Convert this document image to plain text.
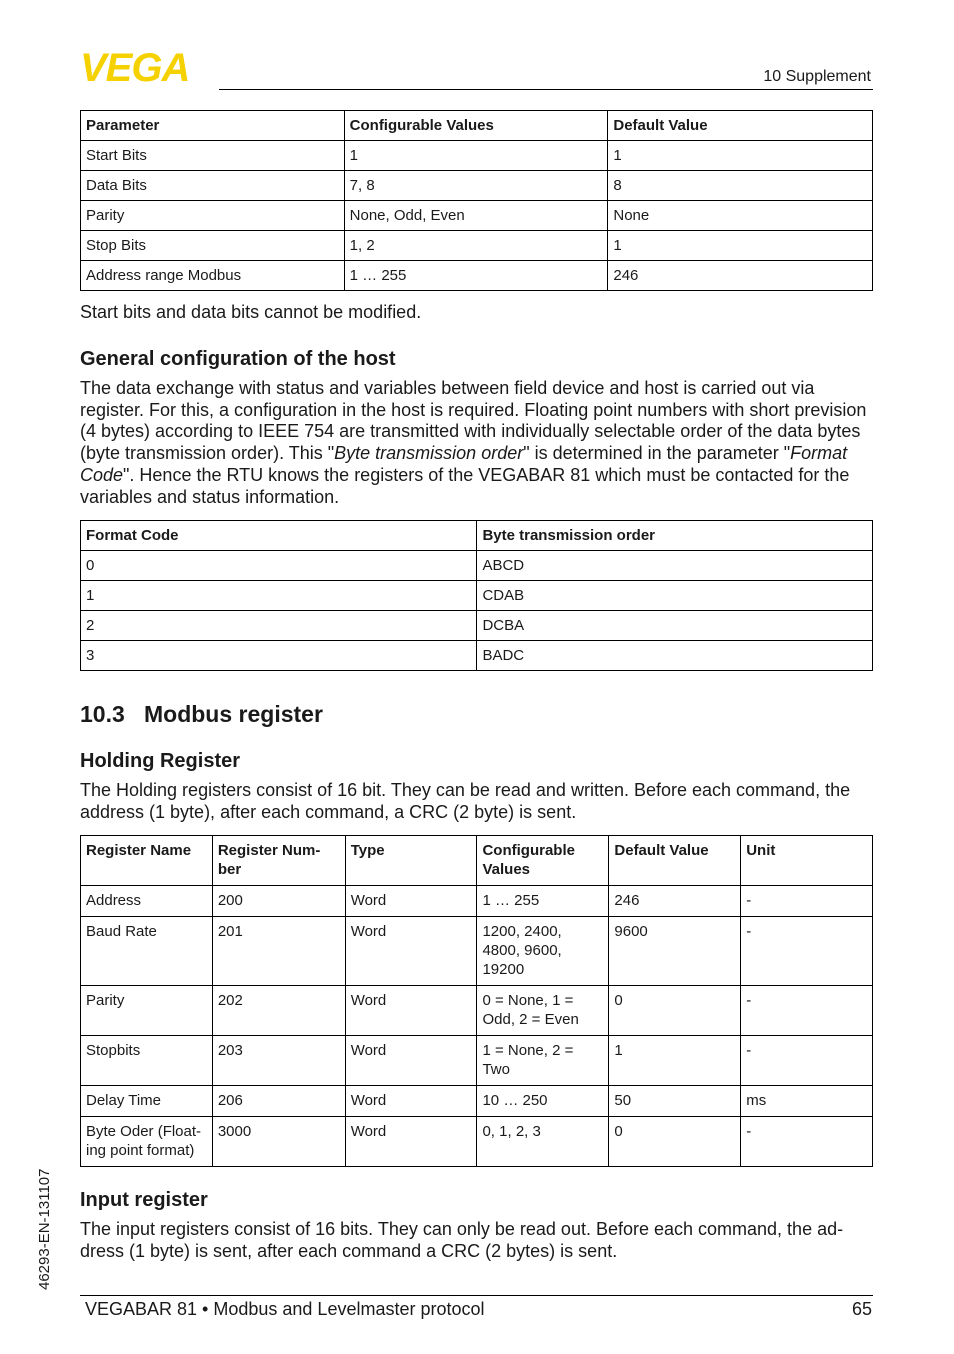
VEGA	10 Supplement
Parameter	Configurable Values	Default Value
Start Bits	1	1
Data Bits	7, 8	8
Parity	None, Odd, Even	None
Stop Bits	1, 2	1
Address range Modbus	1 … 255	246

Start bits and data bits cannot be modified.

General configuration of the host

The data exchange with status and variables between field device and host is carried out via register. For this, a configuration in the host is required. Floating point numbers with short prevision (4 bytes) according to IEEE 754 are transmitted with individually selectable order of the data bytes (byte transmission order). This "Byte transmission order" is determined in the parameter "Format Code". Hence the RTU knows the registers of the VEGABAR 81 which must be contacted for the variables and status information.

Format Code	Byte transmission order
0	ABCD
1	CDAB
2	DCBA
3	BADC
10.3 Modbus register
Holding Register

The Holding registers consist of 16 bit. They can be read and written. Before each command, the address (1 byte), after each command, a CRC (2 byte) is sent.

Register Name	Register Num-ber	Type	Configurable Values	Default Value	Unit
Address	200	Word	1 … 255	246	-
Baud Rate	201	Word	1200, 2400, 4800, 9600, 19200	9600	-
Parity	202	Word	0 = None, 1 = Odd, 2 = Even	0	-
Stopbits	203	Word	1 = None, 2 = Two	1	-
Delay Time	206	Word	10 … 250	50	ms
Byte Oder (Float-ing point format)	3000	Word	0, 1, 2, 3	0	-
Input register

The input registers consist of 16 bits. They can only be read out. Before each command, the ad-dress (1 byte) is sent, after each command a CRC (2 bytes) is sent.

46293-EN-131107
VEGABAR 81 • Modbus and Levelmaster protocol	65
